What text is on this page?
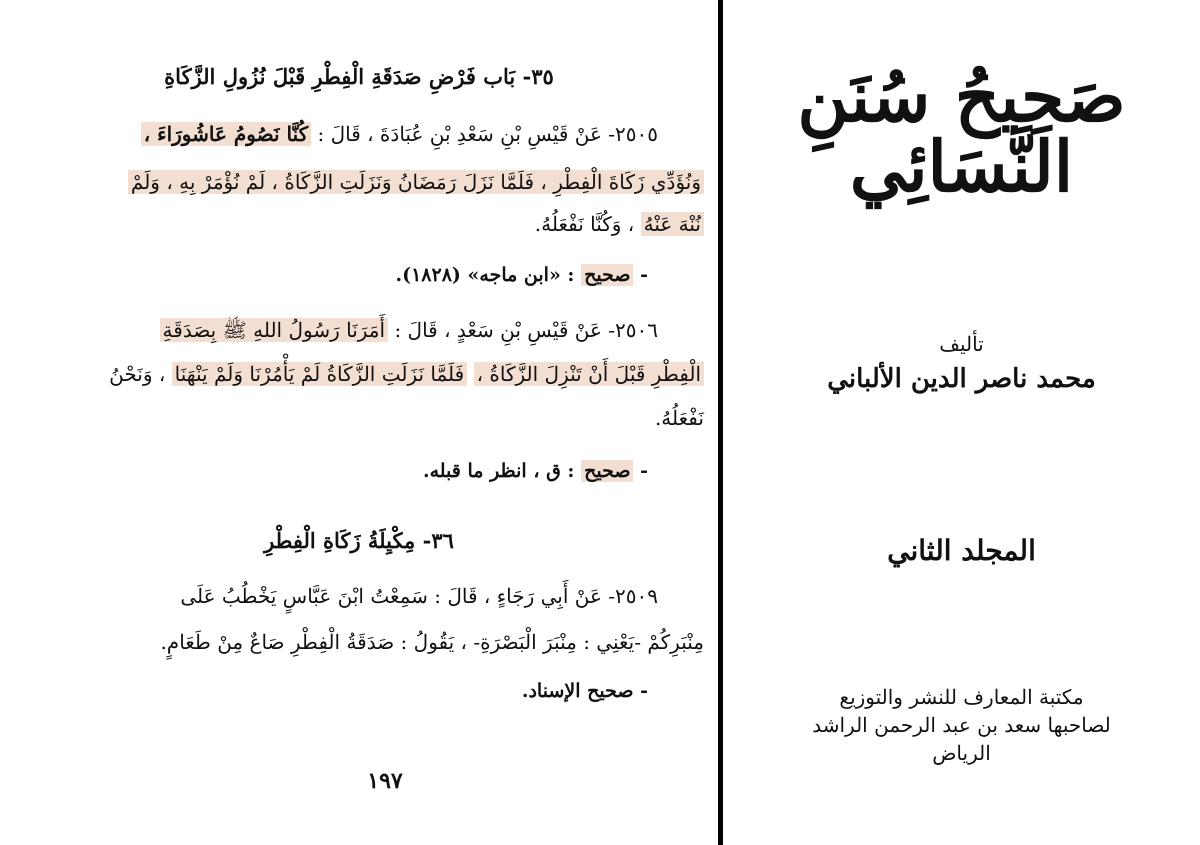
٣٥- بَاب فَرْضِ صَدَقَةِ الْفِطْرِ قَبْلَ نُزُولِ الزَّكَاةِ
٢٥٠٥- عَنْ قَيْسِ بْنِ سَعْدِ بْنِ عُبَادَةَ ، قَالَ : كُنَّا نَصُومُ عَاشُورَاءَ ،
وَنُؤَدِّي زَكَاةَ الْفِطْرِ ، فَلَمَّا نَزَلَ رَمَضَانُ وَنَزَلَتِ الزَّكَاةُ ، لَمْ نُؤْمَرْ بِهِ ، وَلَمْ
نُنْهَ عَنْهُ ، وَكُنَّا نَفْعَلُهُ.
- صحيح : «ابن ماجه» (١٨٢٨).
٢٥٠٦- عَنْ قَيْسِ بْنِ سَعْدٍ ، قَالَ : أَمَرَنَا رَسُولُ اللهِ ﷺ بِصَدَقَةِ
الْفِطْرِ قَبْلَ أَنْ تَنْزِلَ الزَّكَاةُ ، فَلَمَّا نَزَلَتِ الزَّكَاةُ لَمْ يَأْمُرْنَا وَلَمْ يَنْهَنَا ، وَنَحْنُ
نَفْعَلُهُ.
- صحيح : ق ، انظر ما قبله.
٣٦- مِكْيِلَةُ زَكَاةِ الْفِطْرِ
٢٥٠٩- عَنْ أَبِي رَجَاءٍ ، قَالَ : سَمِعْتُ ابْنَ عَبَّاسٍ يَخْطُبُ عَلَى
مِنْبَرِكُمْ -يَعْنِي : مِنْبَرَ الْبَصْرَةِ- ، يَقُولُ : صَدَقَةُ الْفِطْرِ صَاعٌ مِنْ طَعَامٍ.
- صحيح الإسناد.
١٩٧
صَحِيحُ سُنَنِ النَّسَائِي
تأليف
محمد ناصر الدين الألباني
المجلد الثاني
مكتبة المعارف للنشر والتوزيع
لصاحبها سعد بن عبد الرحمن الراشد
الرياض
